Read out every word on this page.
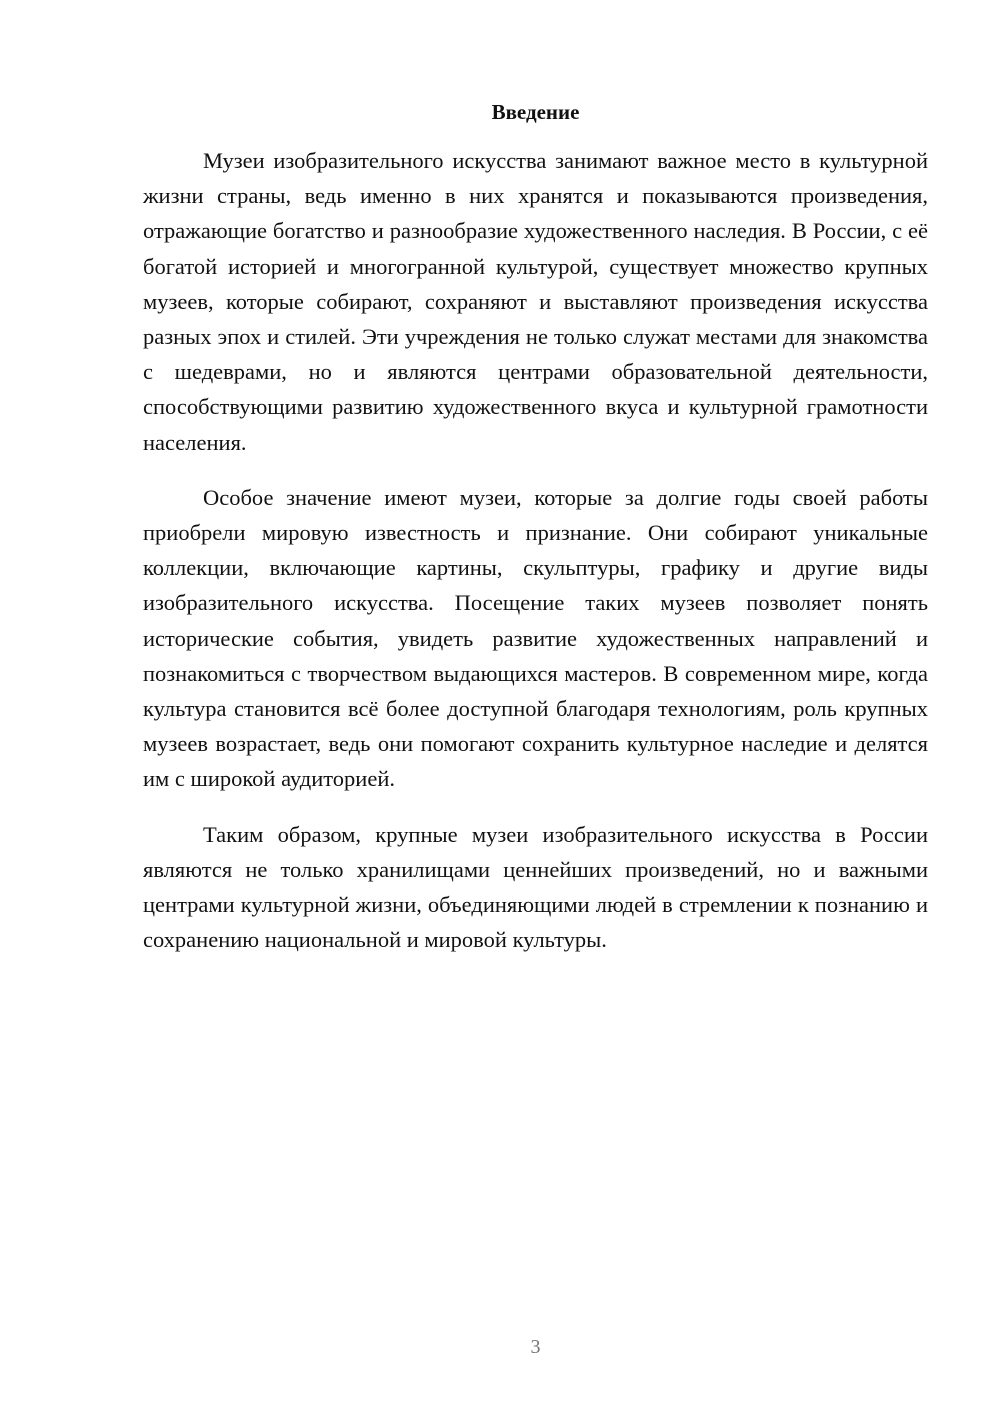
Введение

Музеи изобразительного искусства занимают важное место в культурной жизни страны, ведь именно в них хранятся и показываются произведения, отражающие богатство и разнообразие художественного наследия. В России, с её богатой историей и многогранной культурой, существует множество крупных музеев, которые собирают, сохраняют и выставляют произведения искусства разных эпох и стилей. Эти учреждения не только служат местами для знакомства с шедеврами, но и являются центрами образовательной деятельности, способствующими развитию художественного вкуса и культурной грамотности населения.

Особое значение имеют музеи, которые за долгие годы своей работы приобрели мировую известность и признание. Они собирают уникальные коллекции, включающие картины, скульптуры, графику и другие виды изобразительного искусства. Посещение таких музеев позволяет понять исторические события, увидеть развитие художественных направлений и познакомиться с творчеством выдающихся мастеров. В современном мире, когда культура становится всё более доступной благодаря технологиям, роль крупных музеев возрастает, ведь они помогают сохранить культурное наследие и делятся им с широкой аудиторией.

Таким образом, крупные музеи изобразительного искусства в России являются не только хранилищами ценнейших произведений, но и важными центрами культурной жизни, объединяющими людей в стремлении к познанию и сохранению национальной и мировой культуры.

3
